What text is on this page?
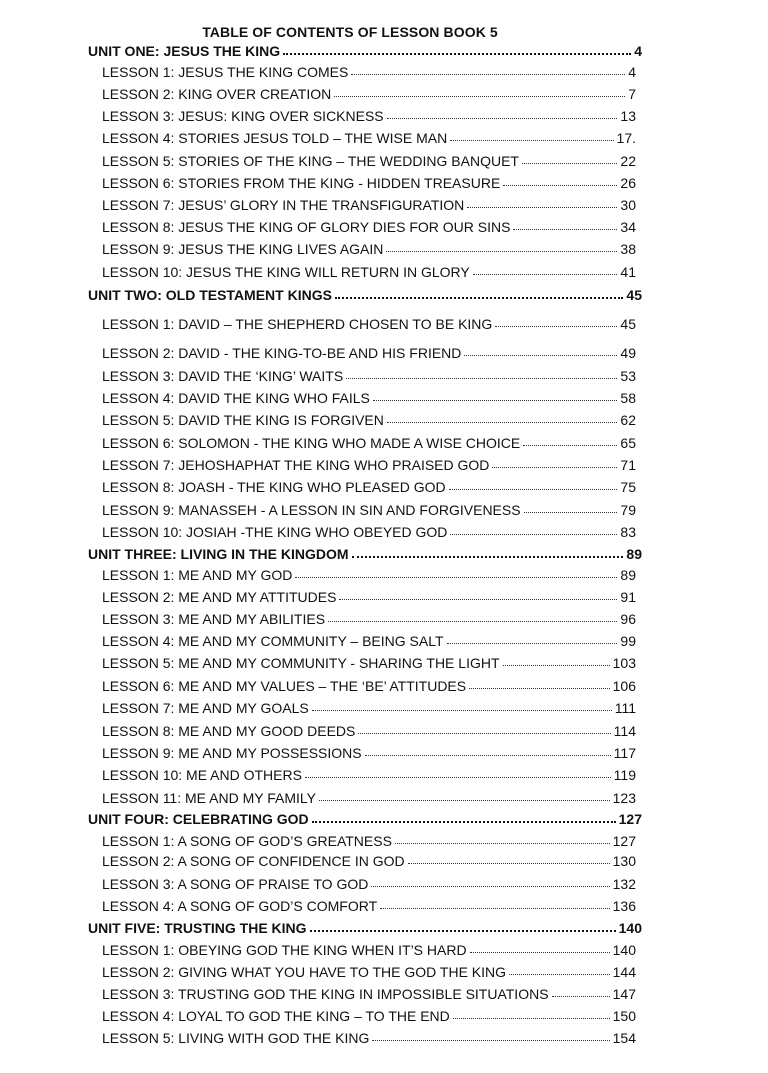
TABLE OF CONTENTS OF LESSON BOOK 5
UNIT ONE: JESUS THE KING	4
LESSON 1: JESUS THE KING COMES	4
LESSON 2: KING OVER CREATION	7
LESSON 3: JESUS: KING OVER SICKNESS	13
LESSON 4: STORIES JESUS TOLD – THE WISE MAN	17.
LESSON 5: STORIES OF THE KING – THE WEDDING BANQUET	22
LESSON 6: STORIES FROM THE KING - HIDDEN TREASURE	26
LESSON 7: JESUS’ GLORY IN THE TRANSFIGURATION	30
LESSON 8: JESUS THE KING OF GLORY DIES FOR OUR SINS	34
LESSON 9: JESUS THE KING LIVES AGAIN	38
LESSON 10: JESUS THE KING WILL RETURN IN GLORY	41
UNIT TWO: OLD TESTAMENT KINGS	45
LESSON 1: DAVID – THE SHEPHERD CHOSEN TO BE KING	45
LESSON 2: DAVID - THE KING-TO-BE AND HIS FRIEND	49
LESSON 3: DAVID THE ‘KING’ WAITS	53
LESSON 4: DAVID THE KING WHO FAILS	58
LESSON 5: DAVID THE KING IS FORGIVEN	62
LESSON 6: SOLOMON - THE KING WHO MADE A WISE CHOICE	65
LESSON 7: JEHOSHAPHAT THE KING WHO PRAISED GOD	71
LESSON 8: JOASH - THE KING WHO PLEASED GOD	75
LESSON 9: MANASSEH - A LESSON IN SIN AND FORGIVENESS	79
LESSON 10: JOSIAH -THE KING WHO OBEYED GOD	83
UNIT THREE: LIVING IN THE KINGDOM	89
LESSON 1: ME AND MY GOD	89
LESSON 2: ME AND MY ATTITUDES	91
LESSON 3: ME AND MY ABILITIES	96
LESSON 4: ME AND MY COMMUNITY – BEING SALT	99
LESSON 5: ME AND MY COMMUNITY - SHARING THE LIGHT	103
LESSON 6: ME AND MY VALUES – THE ‘BE’ ATTITUDES	106
LESSON 7: ME AND MY GOALS	111
LESSON 8: ME AND MY GOOD DEEDS	114
LESSON 9: ME AND MY POSSESSIONS	117
LESSON 10: ME AND OTHERS	119
LESSON 11: ME AND MY FAMILY	123
UNIT FOUR: CELEBRATING GOD	127
LESSON 1: A SONG OF GOD’S GREATNESS	127
LESSON 2: A SONG OF CONFIDENCE IN GOD	130
LESSON 3: A SONG OF PRAISE TO GOD	132
LESSON 4: A SONG OF GOD’S COMFORT	136
UNIT FIVE: TRUSTING THE KING	140
LESSON 1: OBEYING GOD THE KING WHEN IT’S HARD	140
LESSON 2: GIVING WHAT YOU HAVE TO THE GOD THE KING	144
LESSON 3: TRUSTING GOD THE KING IN IMPOSSIBLE SITUATIONS	147
LESSON 4: LOYAL TO GOD THE KING – TO THE END	150
LESSON 5: LIVING WITH GOD THE KING	154
